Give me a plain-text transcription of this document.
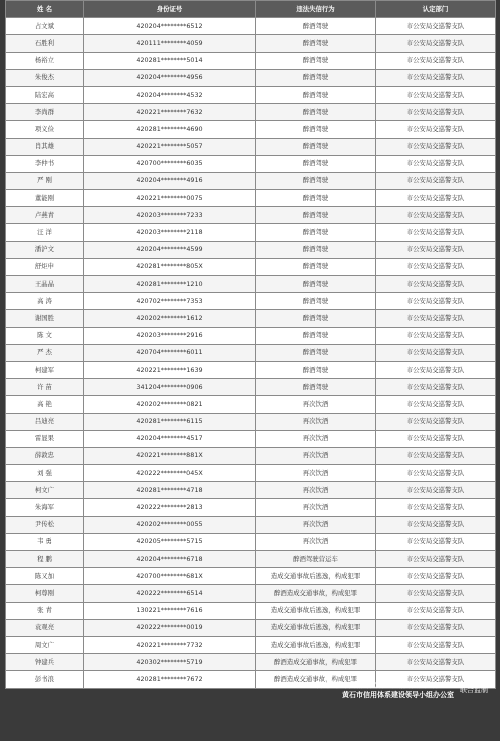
姓 名	身份证号	违法失信行为	认定部门
占文斌	420204********6512	醉酒驾驶	市公安局交巡警支队
石胜利	420111********4059	醉酒驾驶	市公安局交巡警支队
杨裕立	420281********5014	醉酒驾驶	市公安局交巡警支队
朱俊杰	420204********4956	醉酒驾驶	市公安局交巡警支队
陆宏高	420204********4532	醉酒驾驶	市公安局交巡警支队
李尚群	420221********7632	醉酒驾驶	市公安局交巡警支队
项义俭	420281********4690	醉酒驾驶	市公安局交巡警支队
肖其雄	420221********5057	醉酒驾驶	市公安局交巡警支队
李仲书	420700********6035	醉酒驾驶	市公安局交巡警支队
严 刚	420204********4916	醉酒驾驶	市公安局交巡警支队
董能刚	420221********0075	醉酒驾驶	市公安局交巡警支队
卢燕青	420203********7233	醉酒驾驶	市公安局交巡警支队
汪 洋	420203********2118	醉酒驾驶	市公安局交巡警支队
潘沪文	420204********4599	醉酒驾驶	市公安局交巡警支队
舒炬申	420281********805X	醉酒驾驶	市公安局交巡警支队
王晶晶	420281********1210	醉酒驾驶	市公安局交巡警支队
高 涛	420702********7353	醉酒驾驶	市公安局交巡警支队
谢国胜	420202********1612	醉酒驾驶	市公安局交巡警支队
陈 文	420203********2916	醉酒驾驶	市公安局交巡警支队
严 杰	420704********6011	醉酒驾驶	市公安局交巡警支队
柯建军	420221********1639	醉酒驾驶	市公安局交巡警支队
许 苗	341204********0906	醉酒驾驶	市公安局交巡警支队
高 艳	420202********0821	再次饮酒	市公安局交巡警支队
吕迪亮	420281********6115	再次饮酒	市公安局交巡警支队
雷显果	420204********4517	再次饮酒	市公安局交巡警支队
薛敦忠	420221********881X	再次饮酒	市公安局交巡警支队
刘 强	420222********045X	再次饮酒	市公安局交巡警支队
柯文广	420281********4718	再次饮酒	市公安局交巡警支队
朱海军	420222********2813	再次饮酒	市公安局交巡警支队
尹传松	420202********0055	再次饮酒	市公安局交巡警支队
韦 勇	420205********5715	再次饮酒	市公安局交巡警支队
程 鹏	420204********6718	醉酒驾驶营运车	市公安局交巡警支队
陈又加	420700********681X	造成交通事故后逃逸，构成犯罪	市公安局交巡警支队
柯尊刚	420222********6514	醉酒造成交通事故，构成犯罪	市公安局交巡警支队
张 青	130221********7616	造成交通事故后逃逸，构成犯罪	市公安局交巡警支队
袁观亮	420222********0019	造成交通事故后逃逸，构成犯罪	市公安局交巡警支队
周文广	420221********7732	造成交通事故后逃逸，构成犯罪	市公安局交巡警支队
钟建兵	420302********5719	醉酒造成交通事故，构成犯罪	市公安局交巡警支队
彭书浪	420281********7672	醉酒造成交通事故，构成犯罪	市公安局交巡警支队
中共黄石市委精神文明建设指导委员会办公室
黄石市信用体系建设领导小组办公室
联合监制
